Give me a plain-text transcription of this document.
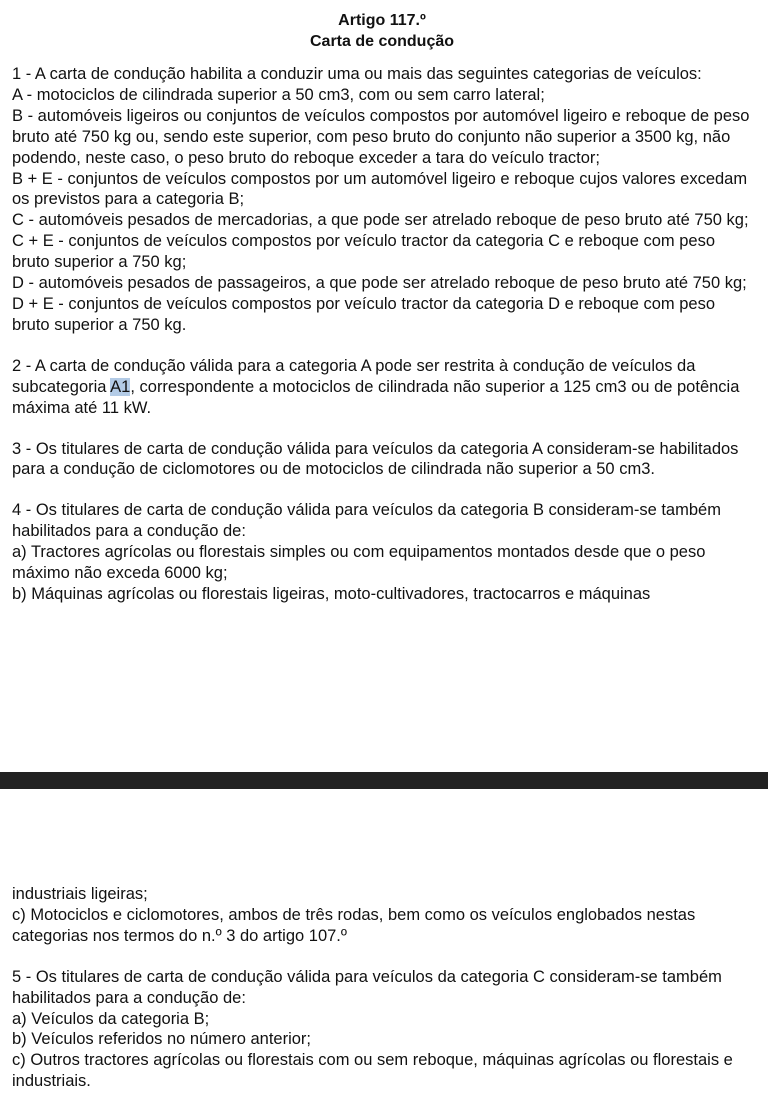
Artigo 117.º

Carta de condução

1 - A carta de condução habilita a conduzir uma ou mais das seguintes categorias de veículos:

A - motociclos de cilindrada superior a 50 cm3, com ou sem carro lateral;

B - automóveis ligeiros ou conjuntos de veículos compostos por automóvel ligeiro e reboque de peso bruto até 750 kg ou, sendo este superior, com peso bruto do conjunto não superior a 3500 kg, não podendo, neste caso, o peso bruto do reboque exceder a tara do veículo tractor;

B + E - conjuntos de veículos compostos por um automóvel ligeiro e reboque cujos valores excedam os previstos para a categoria B;

C - automóveis pesados de mercadorias, a que pode ser atrelado reboque de peso bruto até 750 kg;

C + E - conjuntos de veículos compostos por veículo tractor da categoria C e reboque com peso bruto superior a 750 kg;

D - automóveis pesados de passageiros, a que pode ser atrelado reboque de peso bruto até 750 kg;

D + E - conjuntos de veículos compostos por veículo tractor da categoria D e reboque com peso bruto superior a 750 kg.

2 - A carta de condução válida para a categoria A pode ser restrita à condução de veículos da subcategoria A1, correspondente a motociclos de cilindrada não superior a 125 cm3 ou de potência máxima até 11 kW.

3 - Os titulares de carta de condução válida para veículos da categoria A consideram-se habilitados para a condução de ciclomotores ou de motociclos de cilindrada não superior a 50 cm3.

4 - Os titulares de carta de condução válida para veículos da categoria B consideram-se também habilitados para a condução de:

a) Tractores agrícolas ou florestais simples ou com equipamentos montados desde que o peso máximo não exceda 6000 kg;

b) Máquinas agrícolas ou florestais ligeiras, moto-cultivadores, tractocarros e máquinas

industriais ligeiras;

c) Motociclos e ciclomotores, ambos de três rodas, bem como os veículos englobados nestas categorias nos termos do n.º 3 do artigo 107.º

5 - Os titulares de carta de condução válida para veículos da categoria C consideram-se também habilitados para a condução de:

a) Veículos da categoria B;

b) Veículos referidos no número anterior;

c) Outros tractores agrícolas ou florestais com ou sem reboque, máquinas agrícolas ou florestais e industriais.
